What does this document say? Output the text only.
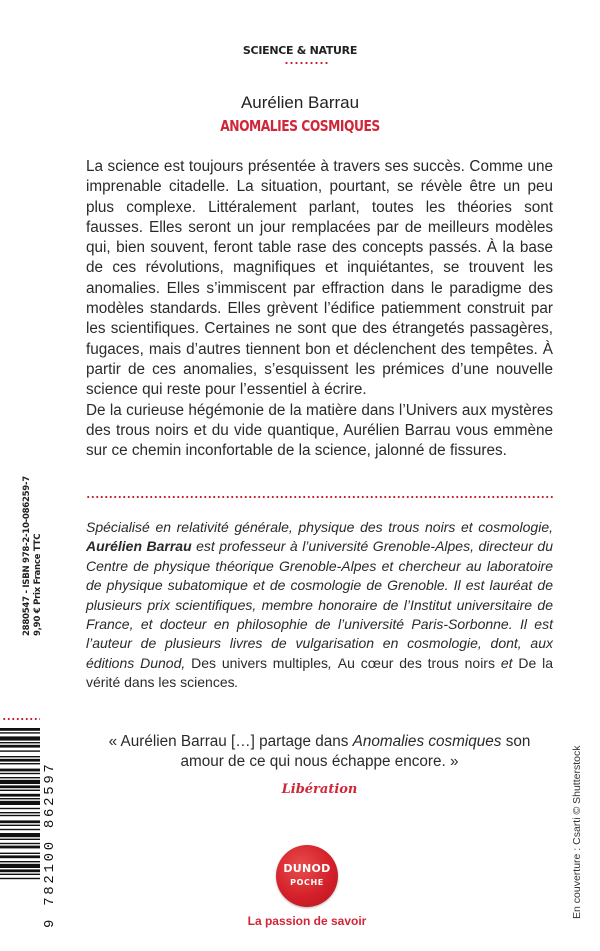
SCIENCE & NATURE
Aurélien Barrau
ANOMALIES COSMIQUES

La science est toujours présentée à travers ses succès. Comme une imprenable citadelle. La situation, pourtant, se révèle être un peu plus complexe. Littéralement parlant, toutes les théories sont fausses. Elles seront un jour remplacées par de meilleurs modèles qui, bien souvent, feront table rase des concepts passés. À la base de ces révolutions, magnifiques et inquiétantes, se trouvent les anomalies. Elles s’immiscent par effraction dans le paradigme des modèles standards. Elles grèvent l’édifice patiemment construit par les scientifiques. Certaines ne sont que des étrangetés passagères, fugaces, mais d’autres tiennent bon et déclenchent des tempêtes. À partir de ces anomalies, s’esquissent les prémices d’une nouvelle science qui reste pour l’essentiel à écrire.

De la curieuse hégémonie de la matière dans l’Univers aux mystères des trous noirs et du vide quantique, Aurélien Barrau vous emmène sur ce chemin inconfortable de la science, jalonné de fissures.

Spécialisé en relativité générale, physique des trous noirs et cosmologie, Aurélien Barrau est professeur à l’université Grenoble-Alpes, directeur du Centre de physique théorique Grenoble-Alpes et chercheur au laboratoire de physique subatomique et de cosmologie de Grenoble. Il est lauréat de plusieurs prix scientifiques, membre honoraire de l’Institut universitaire de France, et docteur en philosophie de l’université Paris-Sorbonne. Il est l’auteur de plusieurs livres de vulgarisation en cosmologie, dont, aux éditions Dunod, Des univers multiples, Au cœur des trous noirs et De la vérité dans les sciences.
« Aurélien Barrau […] partage dans Anomalies cosmiques son amour de ce qui nous échappe encore. »
Libération
2880547 - ISBN 978-2-10-086259-7 9,90 € Prix France TTC
9 782100 862597	En couverture : Csarti © Shutterstock
DUNOD
POCHE
La passion de savoir
